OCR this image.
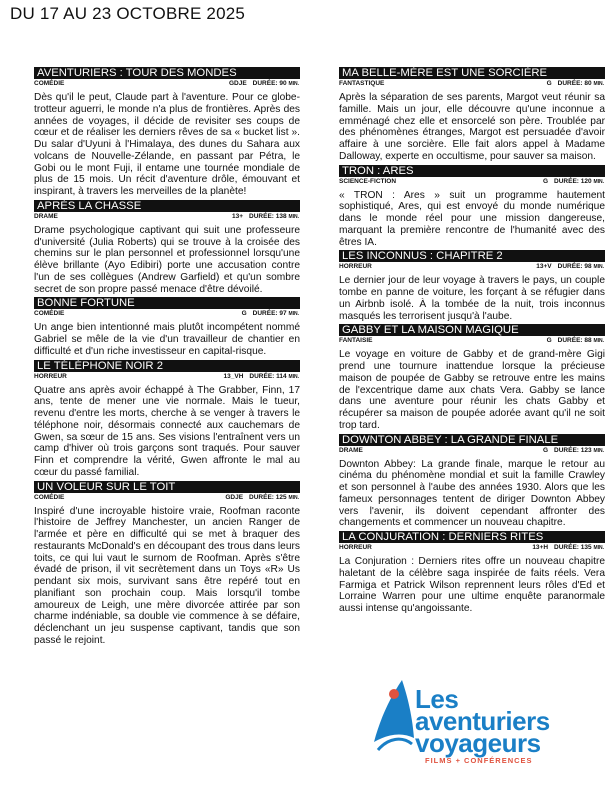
DU 17 AU 23 OCTOBRE 2025
AVENTURIERS : TOUR DES MONDES
COMÉDIE	GDJE DURÉE: 90 MIN.
Dès qu'il le peut, Claude part à l'aventure. Pour ce globe-trotteur aguerri, le monde n'a plus de frontières. Après des années de voyages, il décide de revisiter ses coups de cœur et de réaliser les derniers rêves de sa « bucket list ». Du salar d'Uyuni à l'Himalaya, des dunes du Sahara aux volcans de Nouvelle-Zélande, en passant par Pétra, le Gobi ou le mont Fuji, il entame une tournée mondiale de plus de 15 mois. Un récit d'aventure drôle, émouvant et inspirant, à travers les merveilles de la planète!
APRÈS LA CHASSE
DRAME	13+ DURÉE: 138 MIN.
Drame psychologique captivant qui suit une professeure d'université (Julia Roberts) qui se trouve à la croisée des chemins sur le plan personnel et professionnel lorsqu'une élève brillante (Ayo Edibiri) porte une accusation contre l'un de ses collègues (Andrew Garfield) et qu'un sombre secret de son propre passé menace d'être dévoilé.
BONNE FORTUNE
COMÉDIE	G DURÉE: 97 MIN.
Un ange bien intentionné mais plutôt incompétent nommé Gabriel se mêle de la vie d'un travailleur de chantier en difficulté et d'un riche investisseur en capital-risque.
LE TÉLÉPHONE NOIR 2
HORREUR	13_VH DURÉE: 114 MIN.
Quatre ans après avoir échappé à The Grabber, Finn, 17 ans, tente de mener une vie normale. Mais le tueur, revenu d'entre les morts, cherche à se venger à travers le téléphone noir, désormais connecté aux cauchemars de Gwen, sa sœur de 15 ans. Ses visions l'entraînent vers un camp d'hiver où trois garçons sont traqués. Pour sauver Finn et comprendre la vérité, Gwen affronte le mal au cœur du passé familial.
UN VOLEUR SUR LE TOIT
COMÉDIE	GDJE DURÉE: 125 MIN.
Inspiré d'une incroyable histoire vraie, Roofman raconte l'histoire de Jeffrey Manchester, un ancien Ranger de l'armée et père en difficulté qui se met à braquer des restaurants McDonald's en découpant des trous dans leurs toits, ce qui lui vaut le surnom de Roofman. Après s'être évadé de prison, il vit secrètement dans un Toys «R» Us pendant six mois, survivant sans être repéré tout en planifiant son prochain coup. Mais lorsqu'il tombe amoureux de Leigh, une mère divorcée attirée par son charme indéniable, sa double vie commence à se défaire, déclenchant un jeu suspense captivant, tandis que son passé le rejoint.
MA BELLE-MÈRE EST UNE SORCIÈRE
FANTASTIQUE	G DURÉE: 80 MIN.
Après la séparation de ses parents, Margot veut réunir sa famille. Mais un jour, elle découvre qu'une inconnue a emménagé chez elle et ensorcelé son père. Troublée par des phénomènes étranges, Margot est persuadée d'avoir affaire à une sorcière. Elle fait alors appel à Madame Dalloway, experte en occultisme, pour sauver sa maison.
TRON : ARES
SCIENCE-FICTION	G DURÉE: 120 MIN.
« TRON : Ares » suit un programme hautement sophistiqué, Ares, qui est envoyé du monde numérique dans le monde réel pour une mission dangereuse, marquant la première rencontre de l'humanité avec des êtres IA.
LES INCONNUS : CHAPITRE 2
HORREUR	13+V DURÉE: 98 MIN.
Le dernier jour de leur voyage à travers le pays, un couple tombe en panne de voiture, les forçant à se réfugier dans un Airbnb isolé. À la tombée de la nuit, trois inconnus masqués les terrorisent jusqu'à l'aube.
GABBY ET LA MAISON MAGIQUE
FANTAISIE	G DURÉE: 88 MIN.
Le voyage en voiture de Gabby et de grand-mère Gigi prend une tournure inattendue lorsque la précieuse maison de poupée de Gabby se retrouve entre les mains de l'excentrique dame aux chats Vera. Gabby se lance dans une aventure pour réunir les chats Gabby et récupérer sa maison de poupée adorée avant qu'il ne soit trop tard.
DOWNTON ABBEY : LA GRANDE FINALE
DRAME	G DURÉE: 123 MIN.
Downton Abbey: La grande finale, marque le retour au cinéma du phénomène mondial et suit la famille Crawley et son personnel à l'aube des années 1930. Alors que les fameux personnages tentent de diriger Downton Abbey vers l'avenir, ils doivent cependant affronter des changements et commencer un nouveau chapitre.
LA CONJURATION : DERNIERS RITES
HORREUR	13+H DURÉE: 135 MIN.
La Conjuration : Derniers rites offre un nouveau chapitre haletant de la célèbre saga inspirée de faits réels. Vera Farmiga et Patrick Wilson reprennent leurs rôles d'Ed et Lorraine Warren pour une ultime enquête paranormale aussi intense qu'angoissante.
Les
aventuriers
voyageurs
FILMS + CONFÉRENCES
